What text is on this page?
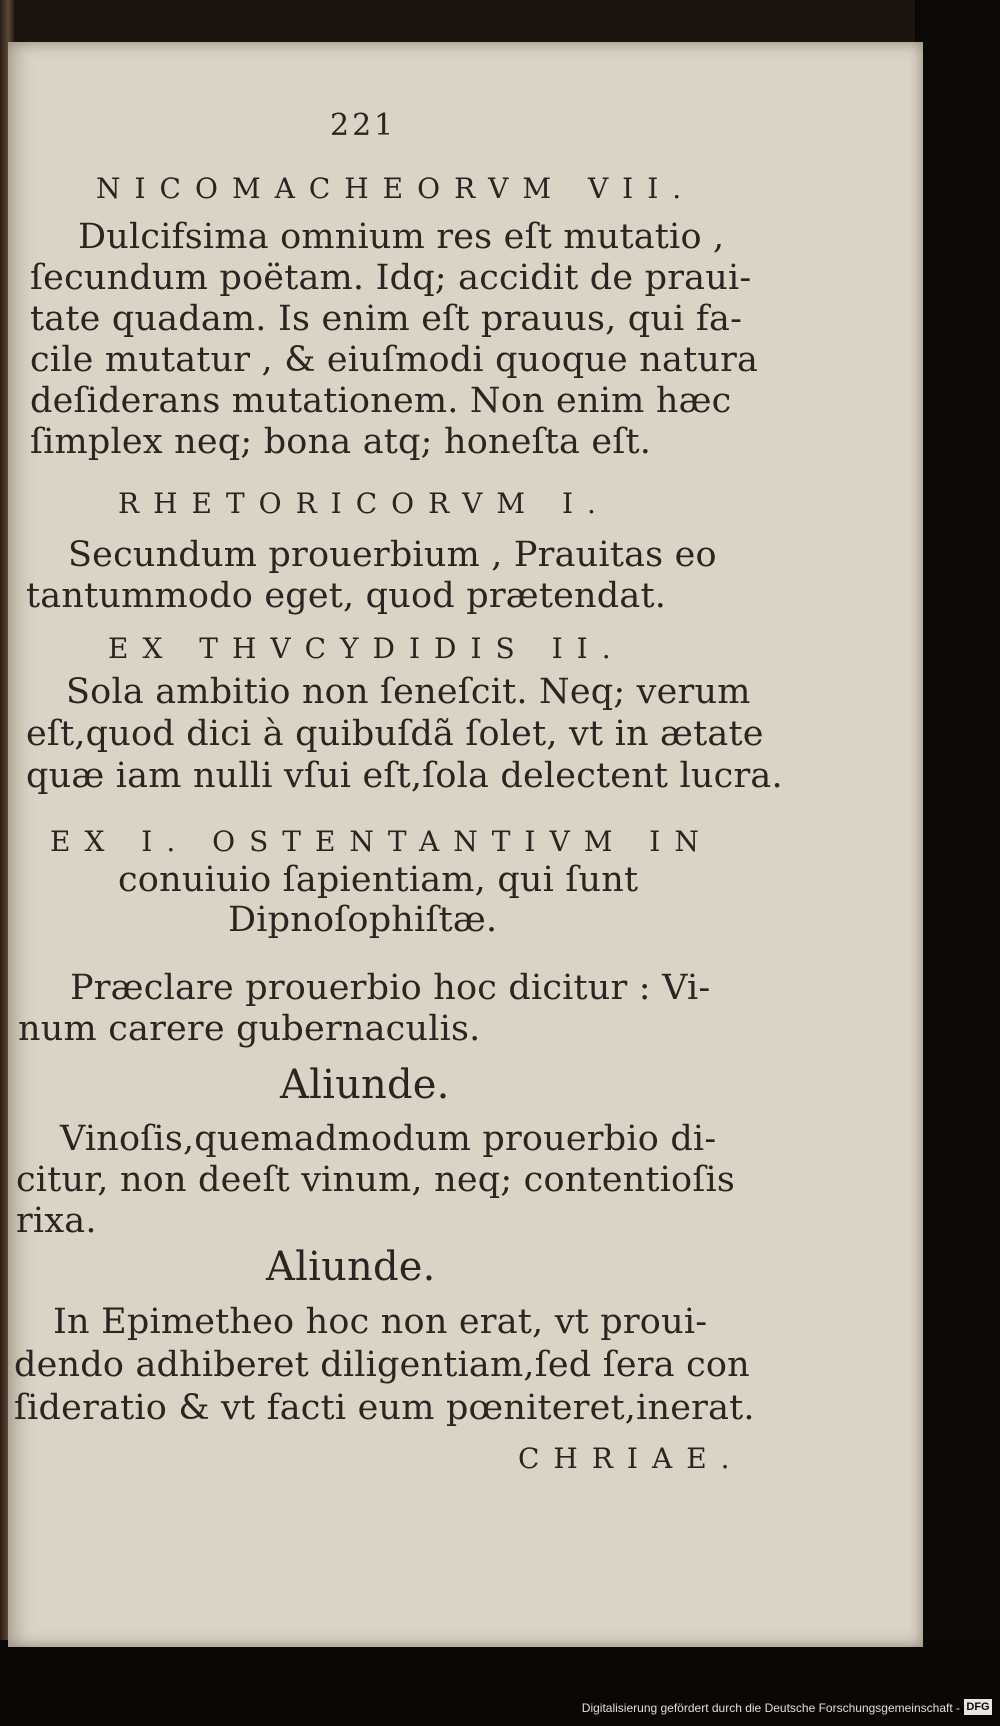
221
NICOMACHEORVM VII.
Dulcifsima omnium res eſt mutatio ,
ſecundum poëtam. Idq; accidit de praui-
tate quadam. Is enim eſt prauus, qui fa-
cile mutatur , & eiuſmodi quoque natura
deſiderans mutationem. Non enim hæc
ſimplex neq; bona atq; honeſta eſt.
RHETORICORVM I.
Secundum prouerbium , Prauitas eo
tantummodo eget, quod prætendat.
EX THVCYDIDIS II.
Sola ambitio non ſeneſcit. Neq; verum
eſt,quod dici à quibuſdã ſolet, vt in ætate
quæ iam nulli vſui eſt,ſola delectent lucra.
EX I. OSTENTANTIVM IN
conuiuio ſapientiam, qui ſunt
Dipnoſophiſtæ.
Præclare prouerbio hoc dicitur : Vi-
num carere gubernaculis.
Aliunde.
Vinoſis,quemadmodum prouerbio di-
citur, non deeſt vinum, neq; contentioſis
rixa.
Aliunde.
In Epimetheo hoc non erat, vt proui-
dendo adhiberet diligentiam,ſed ſera con
ſideratio & vt facti eum pœniteret,inerat.
CHRIAE.
Digitalisierung gefördert durch die Deutsche Forschungsgemeinschaft - DFG
